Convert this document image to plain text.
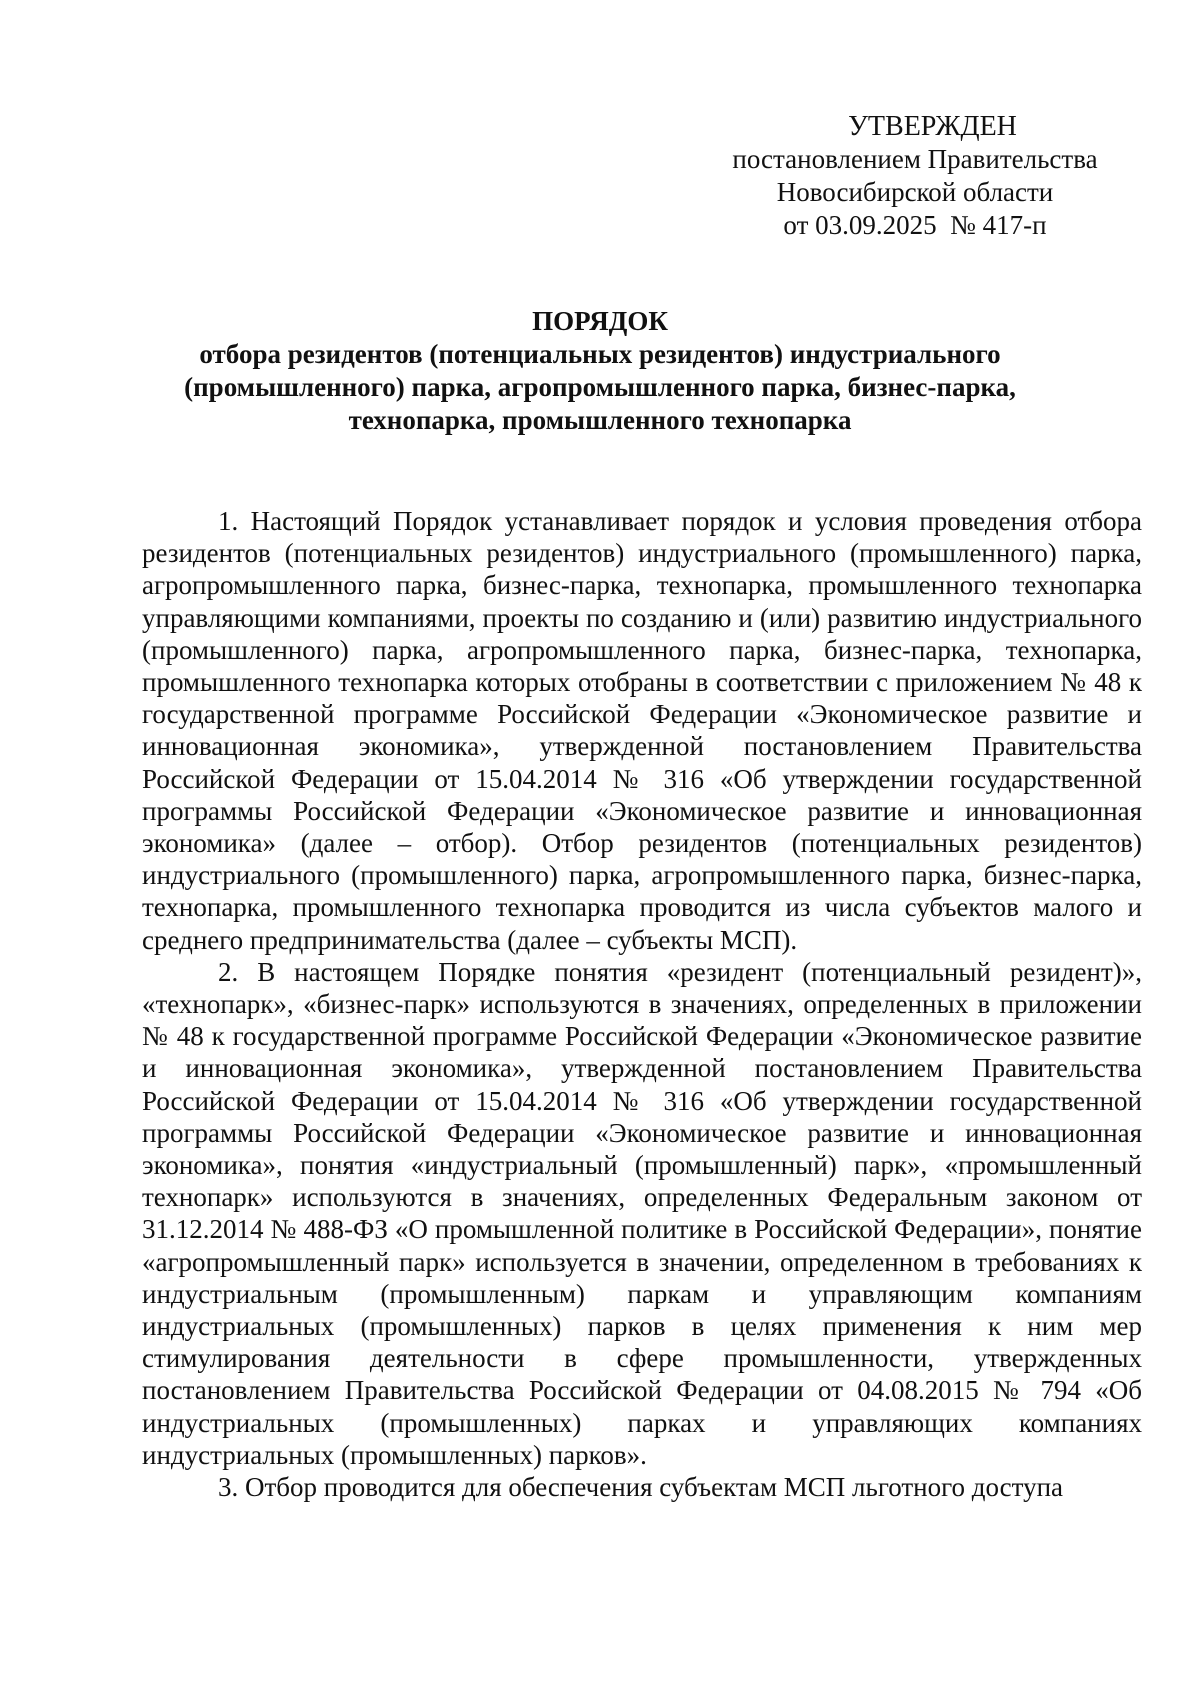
УТВЕРЖДЕН
постановлением Правительства
Новосибирской области
от 03.09.2025  № 417-п
ПОРЯДОК
отбора резидентов (потенциальных резидентов) индустриального
(промышленного) парка, агропромышленного парка, бизнес-парка,
технопарка, промышленного технопарка

1. Настоящий Порядок устанавливает порядок и условия проведения отбора резидентов (потенциальных резидентов) индустриального (промышленного) парка, агропромышленного парка, бизнес-парка, технопарка, промышленного технопарка управляющими компаниями, проекты по созданию и (или) развитию индустриального (промышленного) парка, агропромышленного парка, бизнес-парка, технопарка, промышленного технопарка которых отобраны в соответствии с приложением № 48 к государственной программе Российской Федерации «Экономическое развитие и инновационная экономика», утвержденной постановлением Правительства Российской Федерации от 15.04.2014 № 316 «Об утверждении государственной программы Российской Федерации «Экономическое развитие и инновационная экономика» (далее – отбор). Отбор резидентов (потенциальных резидентов) индустриального (промышленного) парка, агропромышленного парка, бизнес-парка, технопарка, промышленного технопарка проводится из числа субъектов малого и среднего предпринимательства (далее – субъекты МСП).

2. В настоящем Порядке понятия «резидент (потенциальный резидент)», «технопарк», «бизнес-парк» используются в значениях, определенных в приложении № 48 к государственной программе Российской Федерации «Экономическое развитие и инновационная экономика», утвержденной постановлением Правительства Российской Федерации от 15.04.2014 № 316 «Об утверждении государственной программы Российской Федерации «Экономическое развитие и инновационная экономика», понятия «индустриальный (промышленный) парк», «промышленный технопарк» используются в значениях, определенных Федеральным законом от 31.12.2014 № 488-ФЗ «О промышленной политике в Российской Федерации», понятие «агропромышленный парк» используется в значении, определенном в требованиях к индустриальным (промышленным) паркам и управляющим компаниям индустриальных (промышленных) парков в целях применения к ним мер стимулирования деятельности в сфере промышленности, утвержденных постановлением Правительства Российской Федерации от 04.08.2015 № 794 «Об индустриальных (промышленных) парках и управляющих компаниях индустриальных (промышленных) парков».

3. Отбор проводится для обеспечения субъектам МСП льготного доступа
